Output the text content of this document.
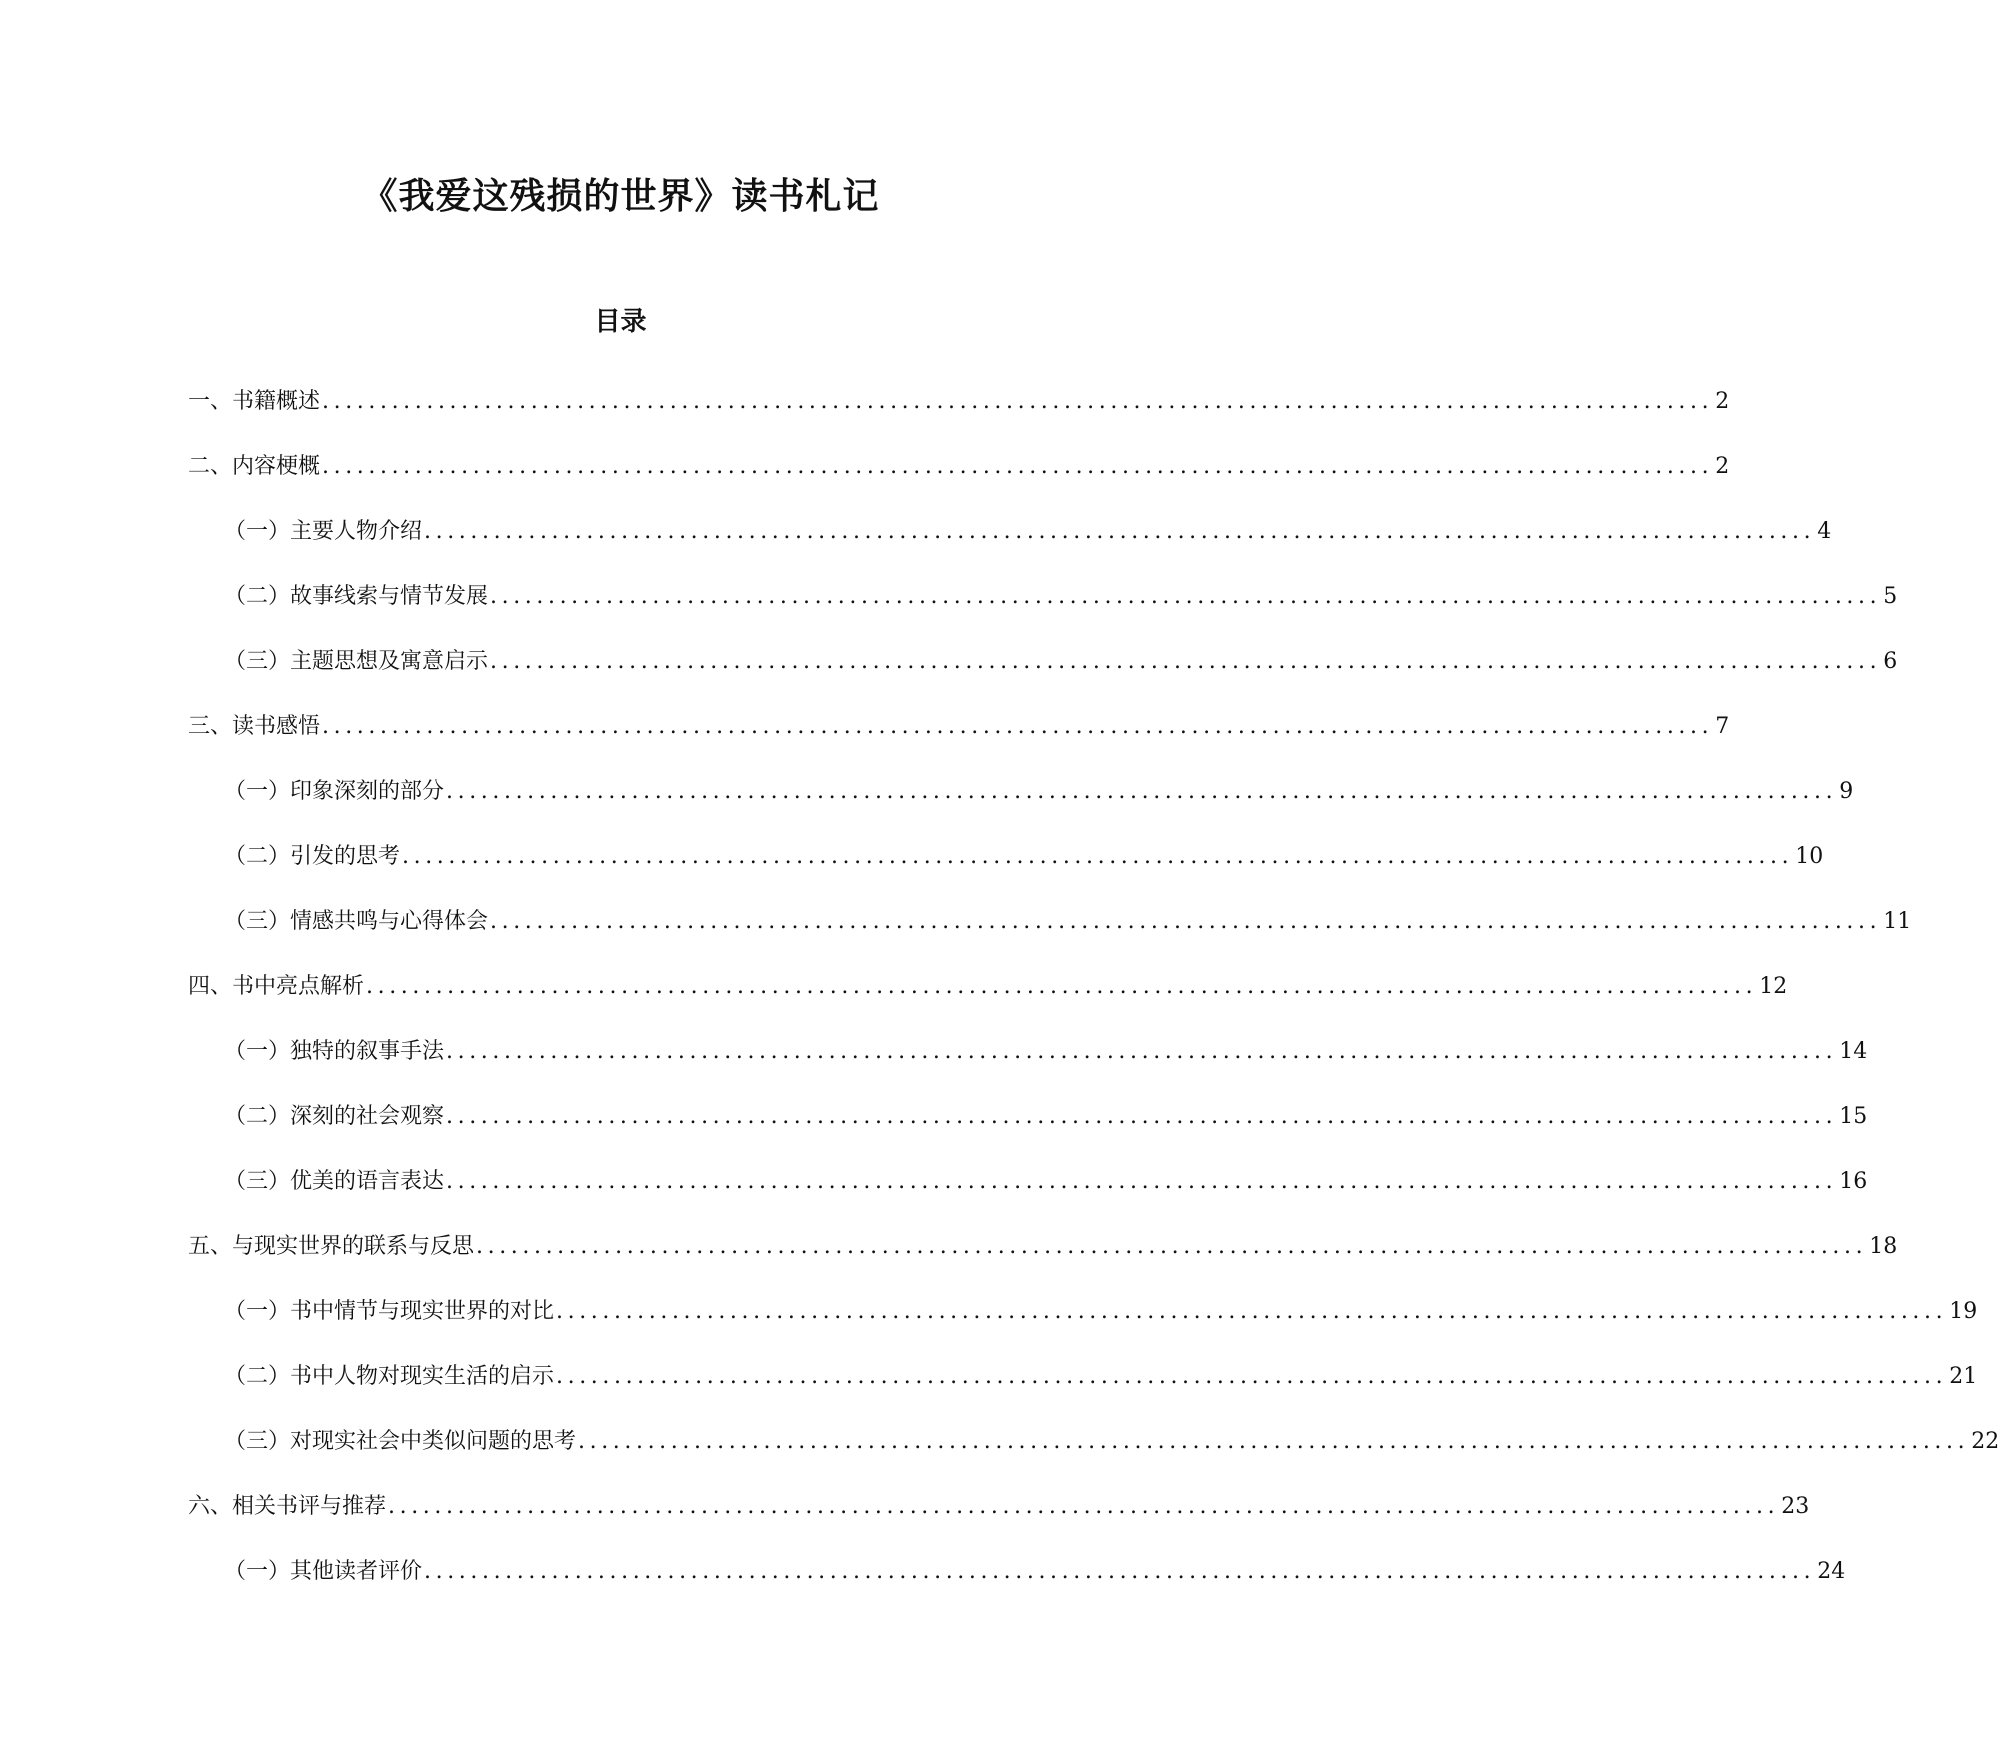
《我爱这残损的世界》读书札记
目录
一、书籍概述 ........................................................................................................................ 2
二、内容梗概 ........................................................................................................................ 2
（一）主要人物介绍 ........................................................................................................................ 4
（二）故事线索与情节发展 ........................................................................................................................ 5
（三）主题思想及寓意启示 ........................................................................................................................ 6
三、读书感悟 ........................................................................................................................ 7
（一）印象深刻的部分 ........................................................................................................................ 9
（二）引发的思考 ........................................................................................................................ 10
（三）情感共鸣与心得体会 ........................................................................................................................ 11
四、书中亮点解析 ........................................................................................................................ 12
（一）独特的叙事手法 ........................................................................................................................ 14
（二）深刻的社会观察 ........................................................................................................................ 15
（三）优美的语言表达 ........................................................................................................................ 16
五、与现实世界的联系与反思 ........................................................................................................................ 18
（一）书中情节与现实世界的对比 ........................................................................................................................ 19
（二）书中人物对现实生活的启示 ........................................................................................................................ 21
（三）对现实社会中类似问题的思考 ........................................................................................................................ 22
六、相关书评与推荐 ........................................................................................................................ 23
（一）其他读者评价 ........................................................................................................................ 24
